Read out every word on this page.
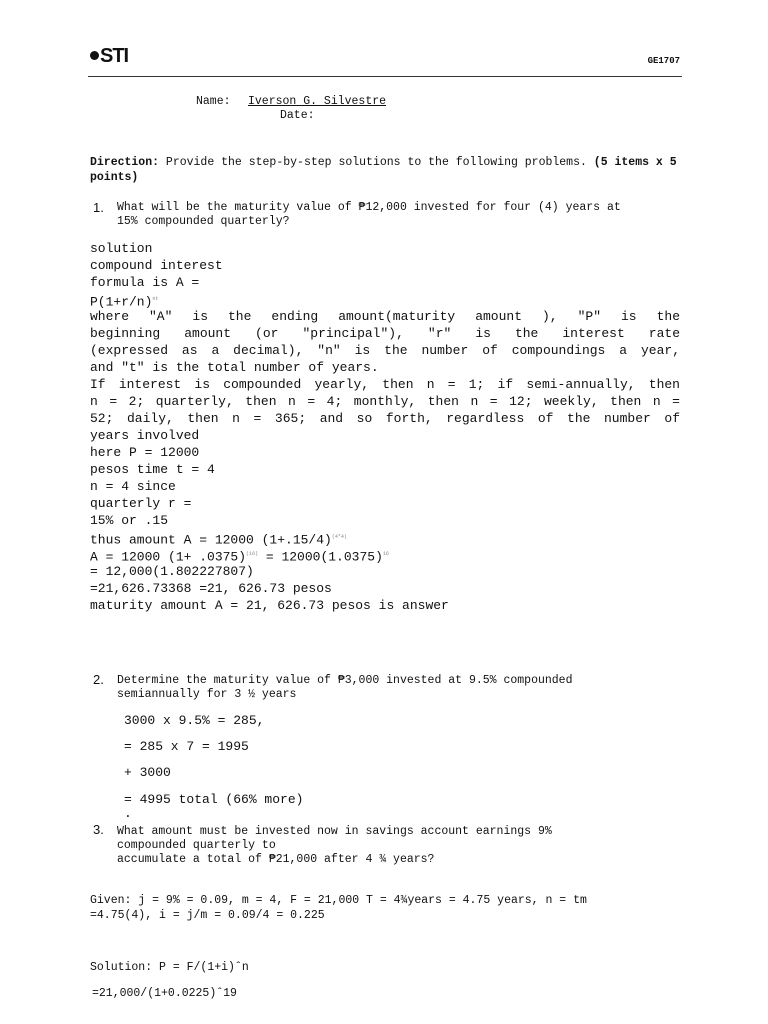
STI	GE1707
Name: Iverson G. Silvestre
Date:
Direction: Provide the step-by-step solutions to the following problems. (5 items x 5 points)
1. What will be the maturity value of ₱12,000 invested for four (4) years at
15% compounded quarterly?
solution
compound interest
formula is A =
$P(1+r/n)^{nt}$
where "A" is the ending amount(maturity amount ), "P" is the
beginning amount (or "principal"), "r" is the interest rate
(expressed as a decimal), "n" is the number of compoundings a year,
and "t" is the total number of years.
If interest is compounded yearly, then n = 1; if semi-annually, then
n = 2; quarterly, then n = 4; monthly, then n = 12; weekly, then n =
52; daily, then n = 365; and so forth, regardless of the number of
years involved
here P = 12000
pesos time t = 4
n = 4 since
quarterly r =
15% or .15
thus amount A = 12000 $(1+.15/4)^{(4*4)}$
A = 12000 $(1+ .0375)^{(16)} = 12000(1.0375)^{16}$
= 12,000(1.802227807)
=21,626.73368 =21, 626.73 pesos
maturity amount A = 21, 626.73 pesos is answer
2. Determine the maturity value of ₱3,000 invested at 9.5% compounded
semiannually for 3 ½ years
3000 x 9.5% = 285,
= 285 x 7 = 1995
+ 3000
= 4995 total (66% more)
.
3. What amount must be invested now in savings account earnings 9%
compounded quarterly to
accumulate a total of ₱21,000 after 4 ¾ years?
Given: j = 9% = 0.09, m = 4, F = 21,000 T = 4¾years = 4.75 years, n = tm
=4.75(4), i = j/m = 0.09/4 = 0.225
Solution: P = F/(1+i)ˆn
=21,000/(1+0.0225)ˆ19
